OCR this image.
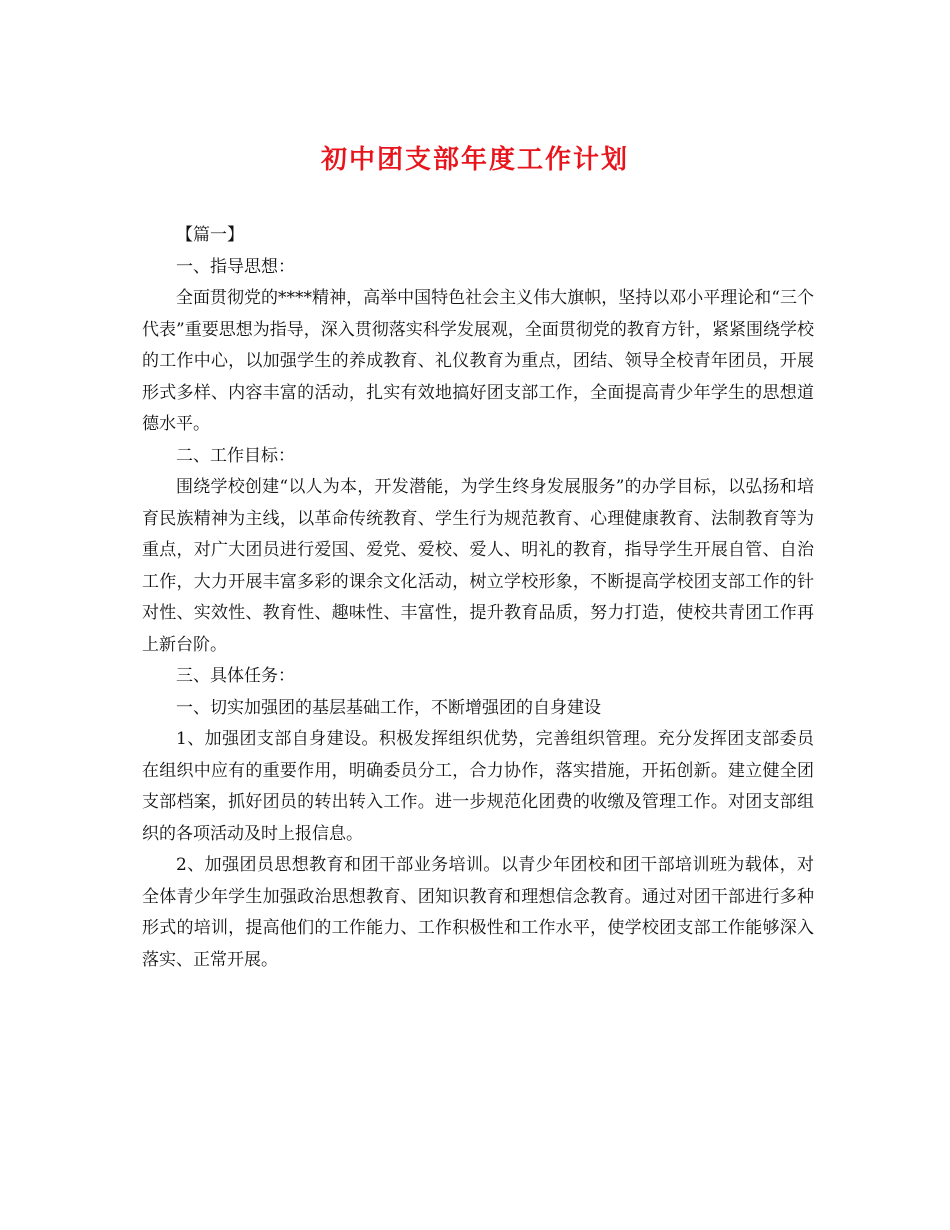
初中团支部年度工作计划

【篇一】

一、指导思想：

全面贯彻党的****精神，高举中国特色社会主义伟大旗帜，坚持以邓小平理论和“三个代表”重要思想为指导，深入贯彻落实科学发展观，全面贯彻党的教育方针，紧紧围绕学校的工作中心，以加强学生的养成教育、礼仪教育为重点，团结、领导全校青年团员，开展形式多样、内容丰富的活动，扎实有效地搞好团支部工作，全面提高青少年学生的思想道德水平。

二、工作目标：

围绕学校创建“以人为本，开发潜能，为学生终身发展服务”的办学目标，以弘扬和培育民族精神为主线，以革命传统教育、学生行为规范教育、心理健康教育、法制教育等为重点，对广大团员进行爱国、爱党、爱校、爱人、明礼的教育，指导学生开展自管、自治工作，大力开展丰富多彩的课余文化活动，树立学校形象，不断提高学校团支部工作的针对性、实效性、教育性、趣味性、丰富性，提升教育品质，努力打造，使校共青团工作再上新台阶。

三、具体任务：

一、切实加强团的基层基础工作，不断增强团的自身建设

1、加强团支部自身建设。积极发挥组织优势，完善组织管理。充分发挥团支部委员在组织中应有的重要作用，明确委员分工，合力协作，落实措施，开拓创新。建立健全团支部档案，抓好团员的转出转入工作。进一步规范化团费的收缴及管理工作。对团支部组织的各项活动及时上报信息。

2、加强团员思想教育和团干部业务培训。以青少年团校和团干部培训班为载体，对全体青少年学生加强政治思想教育、团知识教育和理想信念教育。通过对团干部进行多种形式的培训，提高他们的工作能力、工作积极性和工作水平，使学校团支部工作能够深入落实、正常开展。
